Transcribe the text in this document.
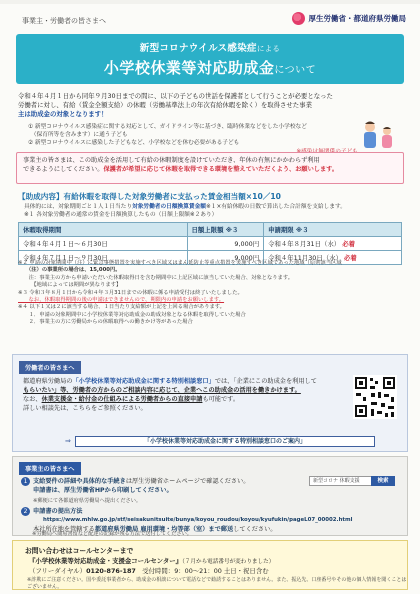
事業主・労働者の皆さまへ	厚生労働省・都道府県労働局
新型コロナウイルス感染症による
小学校休業等対応助成金について
令和４年４月１日から同年９月30日までの間に、以下の子どもの世話を保護者として行うことが必要となった
労働者に対し、有給（賃金全額支給）の休暇（労働基準法上の年次有給休暇を除く）を取得させた事業
主は助成金の対象となります！
① 新型コロナウイルス感染症に関する対応として、ガイドライン等に基づき、臨時休業などをした小学校など
　（保育所等を含みます）に通う子ども
② 新型コロナウイルスに感染した子どもなど、小学校などを休む必要がある子ども
事業主の皆さまは、この助成金を活用して有給の休暇制度を設けていただき、年休の有無にかかわらず利用
できるようにしてください。保護者が希望に応じて休暇を取得できる環境を整えていただくよう、お願いします。
【助成内容】有給休暇を取得した対象労働者に支払った賃金相当額×10／10
具体的には、対象期間ごと１人１日当たり対象労働者の日額換算賃金額※１×有給休暇の日数で算出した合計額を支給します。
※１ 各対象労働者の通常の賃金を日額換算したもの（日額上限額※２あり）
休暇取得期間	日額上限額 ※３	申請期限 ※３
令和４年４月１日〜６月30日	9,000円	令和４年８月31日（水） 必着
令和４年７月１日〜９月30日	9,000円	令和４年11月30日（水） 必着
※２ 申請の対象期間中（注）に緊急事態措置を実施すべき区域又はまん延防止等重点措置を実施すべき区域であった地域（原則該当区域
　　（注）の事業所の場合は、15,000円。
　　注：事業主の方から申請いただいた休暇取得日を含む期間中に上記区域に該当していた場合、対象となります。
　　　【地域によっては期間が異なります】
※３ 令和３年８月１日から令和４年３月31日までの休暇に係る申請受付は終了いたしました。
　　なお、休暇取得期間の後の申請はできませんので、期限内の申請をお願いします。
※４ 以下１又は２に該当する場合、１日当たり支給額が上記を上回る場合があります。
　　１．申請の対象期間中に小学校休業等対応助成金の助成対象となる休暇を取得していた場合
　　２．事業主の方に労働局からの休暇取得への働きかけ等があった場合
労働者の皆さまへ
都道府県労働局の「小学校休業等対応助成金に関する特別相談窓口」では、「企業にこの助成金を利用して
もらいたい」等、労働者の方からのご相談内容に応じて、企業へこの助成金の活用を働きかけます。
なお、休業支援金・給付金の仕組みによる労働者からの直接申請も可能です。
詳しい相談先は、こちらをご参照ください。
⇒	「小学校休業等対応助成金に関する特別相談窓口のご案内」
事業主の皆さまへ
1 支給要件の詳細や具体的な手続きは厚生労働省ホームページで確認ください。
申請書は、厚生労働省HPから印刷してください。
※郵便にて各都道府県労働局へ提出ください。
新型コロナ 休暇支援	検索
https://www.mhlw.go.jp/stf/seisakunitsuite/bunya/koyou_roudou/koyou/kyufukin/pageL07_00002.html
2 申請書の提出方法
本社所在地を管轄する都道府県労働局 雇用環境・均等部（室）まで郵送してください。
※労働局へ簡易書留など配達の記録が残る方法で送付してください。
お問い合わせはコールセンターまで
『小学校休業等対応助成金・支援金コールセンター』（７月から電話番号が変わりました）
（フリーダイヤル）0120-876-187　 受付時間：9：00〜21：00 土日・祝日含む
※詐欺にご注意ください。国や委託事業者から、助成金の相談について電話などで勧誘することはありません。また、振込先、口座番号やその他の個人情報を聞くことはございません。
